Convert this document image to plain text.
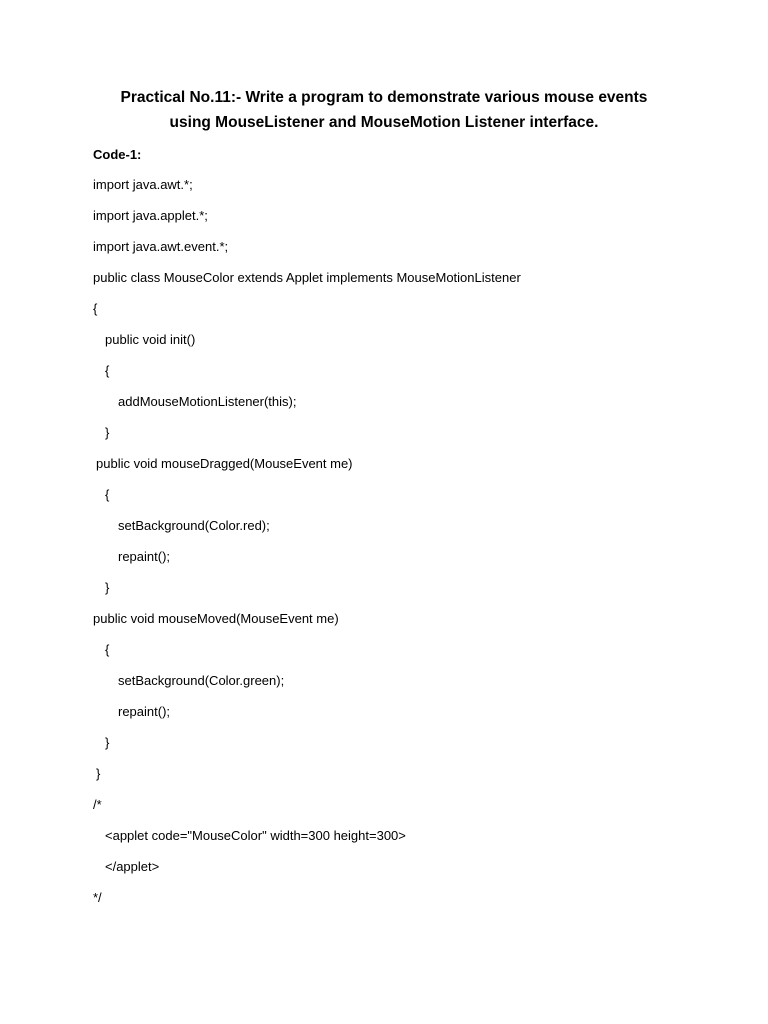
Practical No.11:- Write a program to demonstrate various mouse events
using MouseListener and MouseMotion Listener interface.
Code-1:
import java.awt.*;
import java.applet.*;
import java.awt.event.*;
public class MouseColor extends Applet implements MouseMotionListener
{
public void init()
{
addMouseMotionListener(this);
}
public void mouseDragged(MouseEvent me)
{
setBackground(Color.red);
repaint();
}
public void mouseMoved(MouseEvent me)
{
setBackground(Color.green);
repaint();
}
}
/*
<applet code="MouseColor" width=300 height=300>
</applet>
*/
